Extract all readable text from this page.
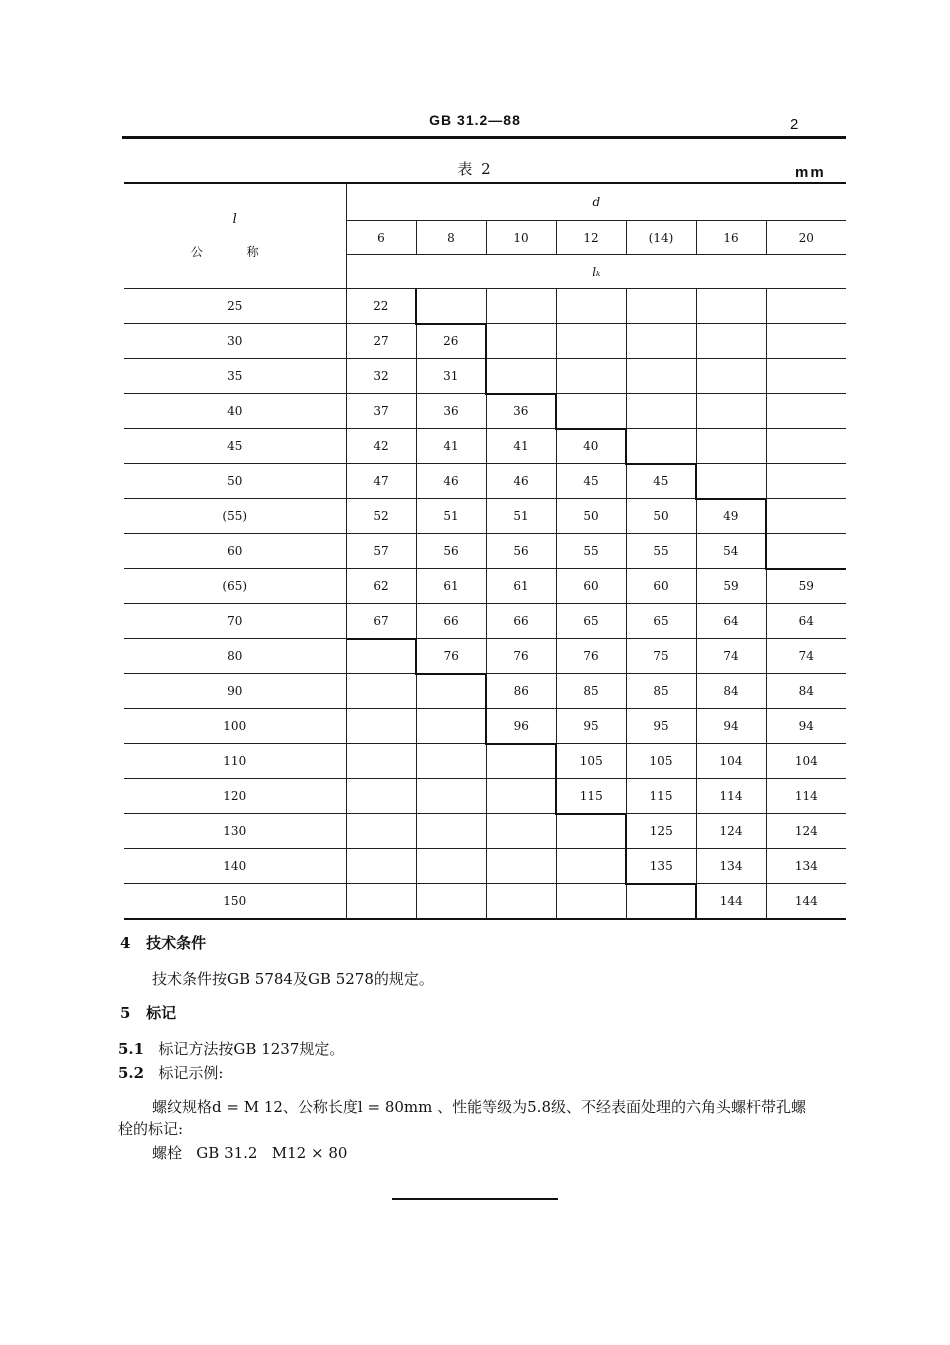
GB 31.2—88	2
表 2	mm
l
公 称	d						
	6	8	10	12	(14)	16	20
	lₖ						
25	22						
30	27	26					
35	32	31					
40	37	36	36				
45	42	41	41	40			
50	47	46	46	45	45		
(55)	52	51	51	50	50	49	
60	57	56	56	55	55	54	
(65)	62	61	61	60	60	59	59
70	67	66	66	65	65	64	64
80		76	76	76	75	74	74
90			86	85	85	84	84
100			96	95	95	94	94
110				105	105	104	104
120				115	115	114	114
130					125	124	124
140					135	134	134
150						144	144
4 技术条件
技术条件按GB 5784及GB 5278的规定。
5 标记
5.1 标记方法按GB 1237规定。
5.2 标记示例:
螺纹规格d = M 12、公称长度l = 80mm 、性能等级为5.8级、不经表面处理的六角头螺杆带孔螺
栓的标记:
螺栓   GB 31.2   M12 × 80
